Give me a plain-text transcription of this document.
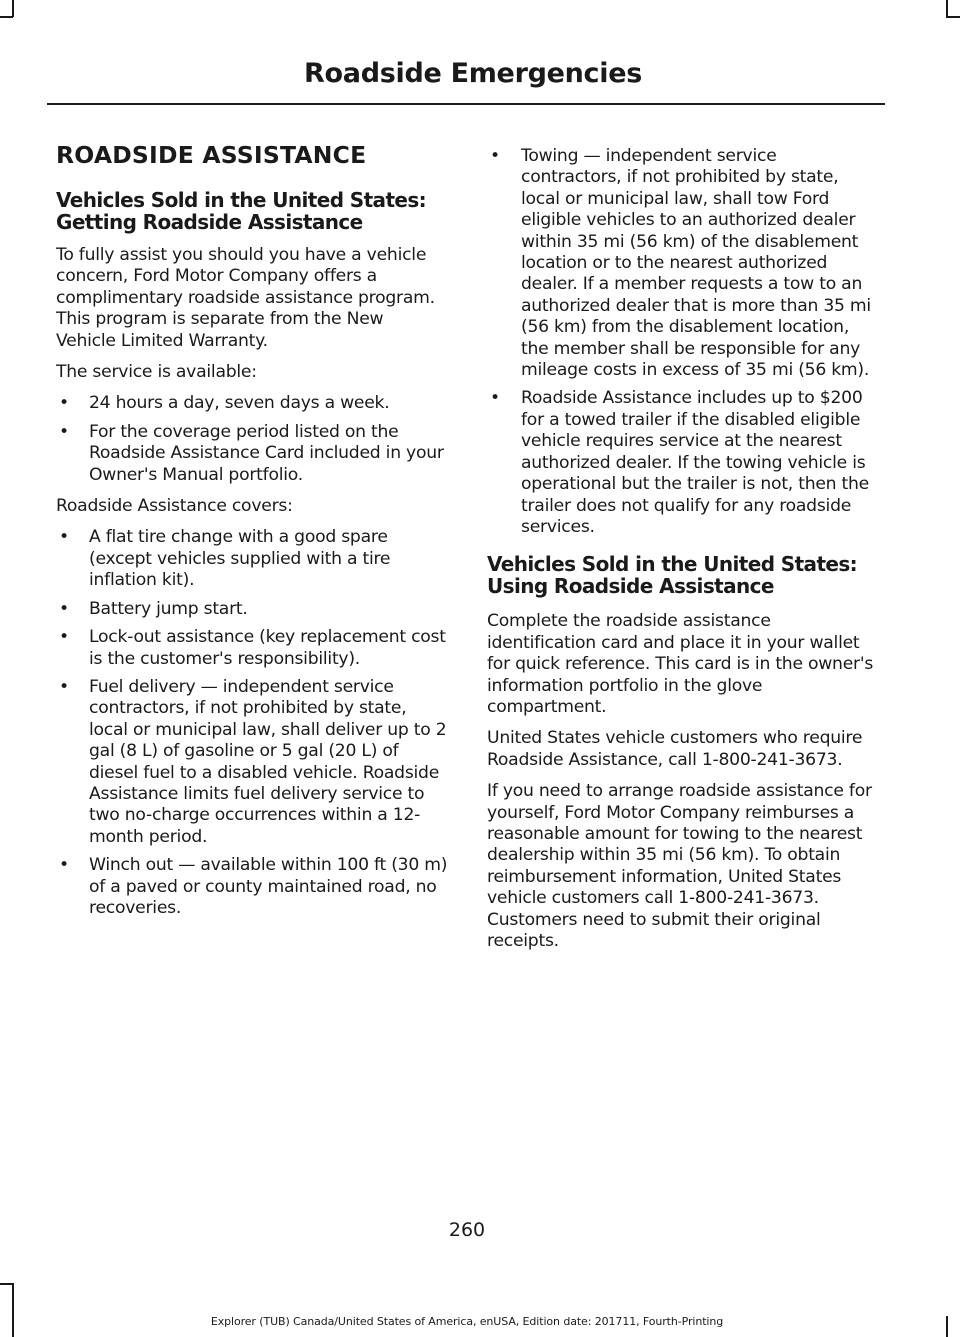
Roadside Emergencies
ROADSIDE ASSISTANCE
Vehicles Sold in the United States: Getting Roadside Assistance

To fully assist you should you have a vehicle concern, Ford Motor Company offers a complimentary roadside assistance program. This program is separate from the New Vehicle Limited Warranty.

The service is available:

• 24 hours a day, seven days a week.
• For the coverage period listed on the Roadside Assistance Card included in your Owner's Manual portfolio.

Roadside Assistance covers:

• A flat tire change with a good spare (except vehicles supplied with a tire inflation kit).
• Battery jump start.
• Lock-out assistance (key replacement cost is the customer's responsibility).
• Fuel delivery — independent service contractors, if not prohibited by state, local or municipal law, shall deliver up to 2 gal (8 L) of gasoline or 5 gal (20 L) of diesel fuel to a disabled vehicle. Roadside Assistance limits fuel delivery service to two no-charge occurrences within a 12-month period.
• Winch out — available within 100 ft (30 m) of a paved or county maintained road, no recoveries.
• Towing — independent service contractors, if not prohibited by state, local or municipal law, shall tow Ford eligible vehicles to an authorized dealer within 35 mi (56 km) of the disablement location or to the nearest authorized dealer. If a member requests a tow to an authorized dealer that is more than 35 mi (56 km) from the disablement location, the member shall be responsible for any mileage costs in excess of 35 mi (56 km).
• Roadside Assistance includes up to $200 for a towed trailer if the disabled eligible vehicle requires service at the nearest authorized dealer. If the towing vehicle is operational but the trailer is not, then the trailer does not qualify for any roadside services.
Vehicles Sold in the United States: Using Roadside Assistance

Complete the roadside assistance identification card and place it in your wallet for quick reference. This card is in the owner's information portfolio in the glove compartment.

United States vehicle customers who require Roadside Assistance, call 1-800-241-3673.

If you need to arrange roadside assistance for yourself, Ford Motor Company reimburses a reasonable amount for towing to the nearest dealership within 35 mi (56 km). To obtain reimbursement information, United States vehicle customers call 1-800-241-3673. Customers need to submit their original receipts.

260
Explorer (TUB) Canada/United States of America, enUSA, Edition date: 201711, Fourth-Printing
